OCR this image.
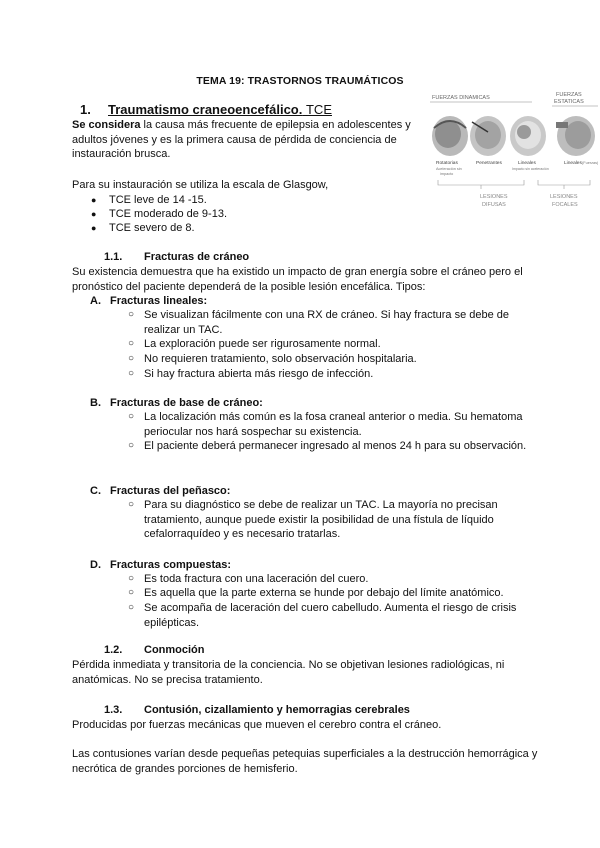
TEMA 19: TRASTORNOS TRAUMÁTICOS
1. Traumatismo craneoencefálico. TCE
Se considera la causa más frecuente de epilepsia en adolescentes y adultos jóvenes y es la primera causa de pérdida de conciencia de instauración brusca.
Para su instauración se utiliza la escala de Glasgow,
● TCE leve de 14 -15.
● TCE moderado de 9-13.
● TCE severo de 8.
FUERZAS DINAMICAS	FUERZAS
ESTATICAS
Rotatorias
Aceleración sin
impacto
Penetrantes	Lineales
Impacto sin aceleración
Lineales (Fuerzas)
LESIONES
DIFUSAS
LESIONES
FOCALES
1.1. Fracturas de cráneo
Su existencia demuestra que ha existido un impacto de gran energía sobre el cráneo pero el pronóstico del paciente dependerá de la posible lesión encefálica. Tipos:
A. Fracturas lineales:
○ Se visualizan fácilmente con una RX de cráneo. Si hay fractura se debe de realizar un TAC.
○ La exploración puede ser rigurosamente normal.
○ No requieren tratamiento, solo observación hospitalaria.
○ Si hay fractura abierta más riesgo de infección.
B. Fracturas de base de cráneo:
○ La localización más común es la fosa craneal anterior o media. Su hematoma periocular nos hará sospechar su existencia.
○ El paciente deberá permanecer ingresado al menos 24 h para su observación.
C. Fracturas del peñasco:
○ Para su diagnóstico se debe de realizar un TAC. La mayoría no precisan tratamiento, aunque puede existir la posibilidad de una fístula de líquido cefalorraquídeo y es necesario tratarlas.
D. Fracturas compuestas:
○ Es toda fractura con una laceración del cuero.
○ Es aquella que la parte externa se hunde por debajo del límite anatómico.
○ Se acompaña de laceración del cuero cabelludo. Aumenta el riesgo de crisis epilépticas.
1.2. Conmoción
Pérdida inmediata y transitoria de la conciencia. No se objetivan lesiones radiológicas, ni anatómicas. No se precisa tratamiento.
1.3. Contusión, cizallamiento y hemorragias cerebrales
Producidas por fuerzas mecánicas que mueven el cerebro contra el cráneo.
Las contusiones varían desde pequeñas petequias superficiales a la destrucción hemorrágica y necrótica de grandes porciones de hemisferio.
